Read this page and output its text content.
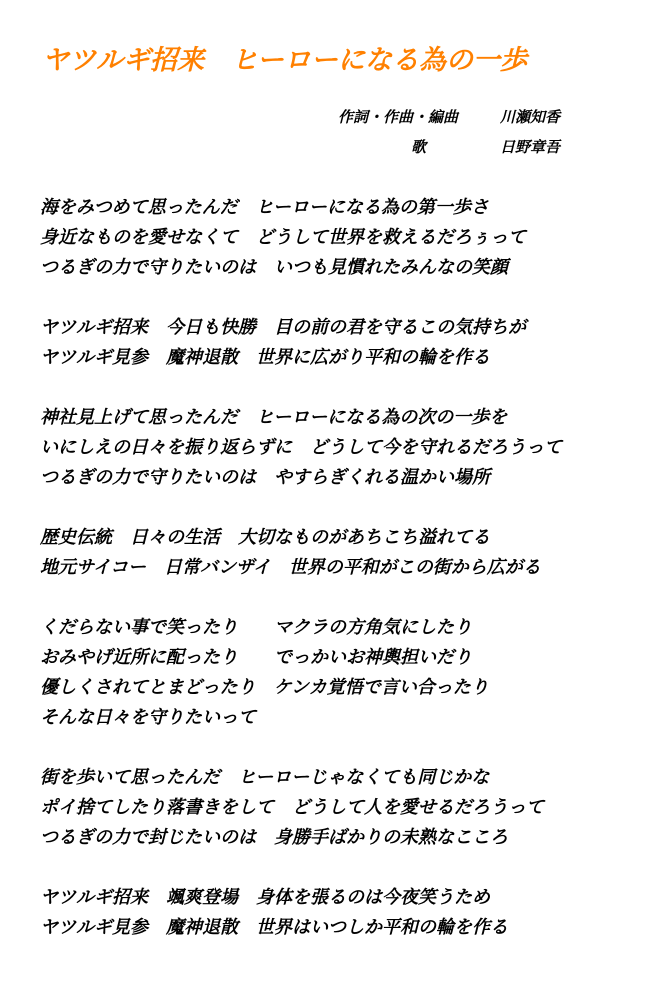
ヤツルギ招来　ヒーローになる為の一歩
作詞・作曲・編曲	川瀬知香
歌	日野章吾
海をみつめて思ったんだ　ヒーローになる為の第一歩さ
身近なものを愛せなくて　どうして世界を救えるだろぅって
つるぎの力で守りたいのは　いつも見慣れたみんなの笑顔
ヤツルギ招来　今日も快勝　目の前の君を守るこの気持ちが
ヤツルギ見参　魔神退散　世界に広がり平和の輪を作る
神社見上げて思ったんだ　ヒーローになる為の次の一歩を
いにしえの日々を振り返らずに　どうして今を守れるだろうって
つるぎの力で守りたいのは　やすらぎくれる温かい場所
歴史伝統　日々の生活　大切なものがあちこち溢れてる
地元サイコー　日常バンザイ　世界の平和がこの街から広がる
くだらない事で笑ったり　　マクラの方角気にしたり
おみやげ近所に配ったり　　でっかいお神輿担いだり
優しくされてとまどったり　ケンカ覚悟で言い合ったり
そんな日々を守りたいって
街を歩いて思ったんだ　ヒーローじゃなくても同じかな
ポイ捨てしたり落書きをして　どうして人を愛せるだろうって
つるぎの力で封じたいのは　身勝手ばかりの未熟なこころ
ヤツルギ招来　颯爽登場　身体を張るのは今夜笑うため
ヤツルギ見参　魔神退散　世界はいつしか平和の輪を作る
